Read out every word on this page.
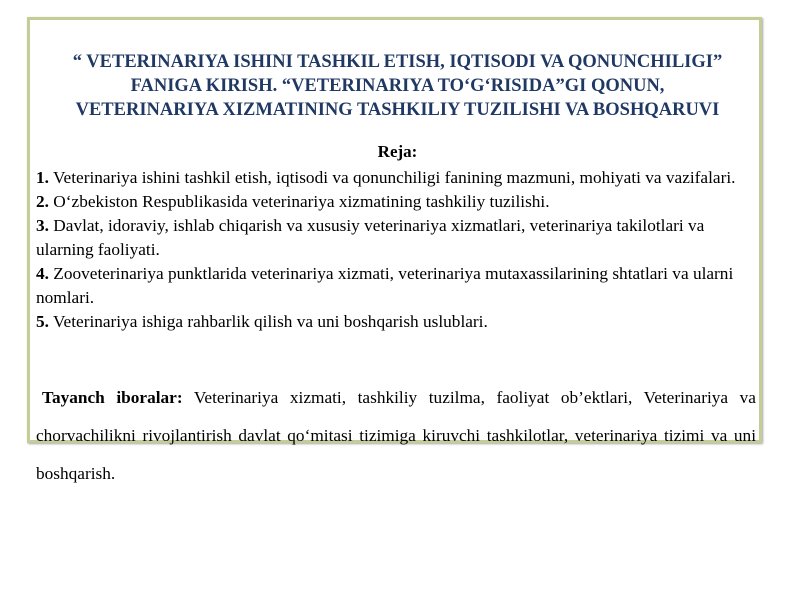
“ VETERINARIYA ISHINI TASHKIL ETISH, IQTISODI VA QONUNCHILIGI”
FANIGA KIRISH. “VETERINARIYA TO‘G‘RISIDA”GI QONUN,
VETERINARIYA XIZMATINING TASHKILIY TUZILISHI VA BOSHQARUVI
Reja:
1. Veterinariya ishini tashkil etish, iqtisodi va qonunchiligi fanining mazmuni, mohiyati va vazifalari.
2. O‘zbekiston Respublikasida veterinariya xizmatining tashkiliy tuzilishi.
3. Davlat, idoraviy, ishlab chiqarish va xususiy veterinariya xizmatlari, veterinariya takilotlari va ularning faoliyati.
4. Zooveterinariya punktlarida veterinariya xizmati, veterinariya mutaxassilarining shtatlari va ularni nomlari.
5. Veterinariya ishiga rahbarlik qilish va uni boshqarish uslublari.

Tayanch iboralar: Veterinariya xizmati, tashkiliy tuzilma, faoliyat ob’ektlari, Veterinariya va chorvachilikni rivojlantirish davlat qo‘mitasi tizimiga kiruvchi tashkilotlar, veterinariya tizimi va uni boshqarish.
